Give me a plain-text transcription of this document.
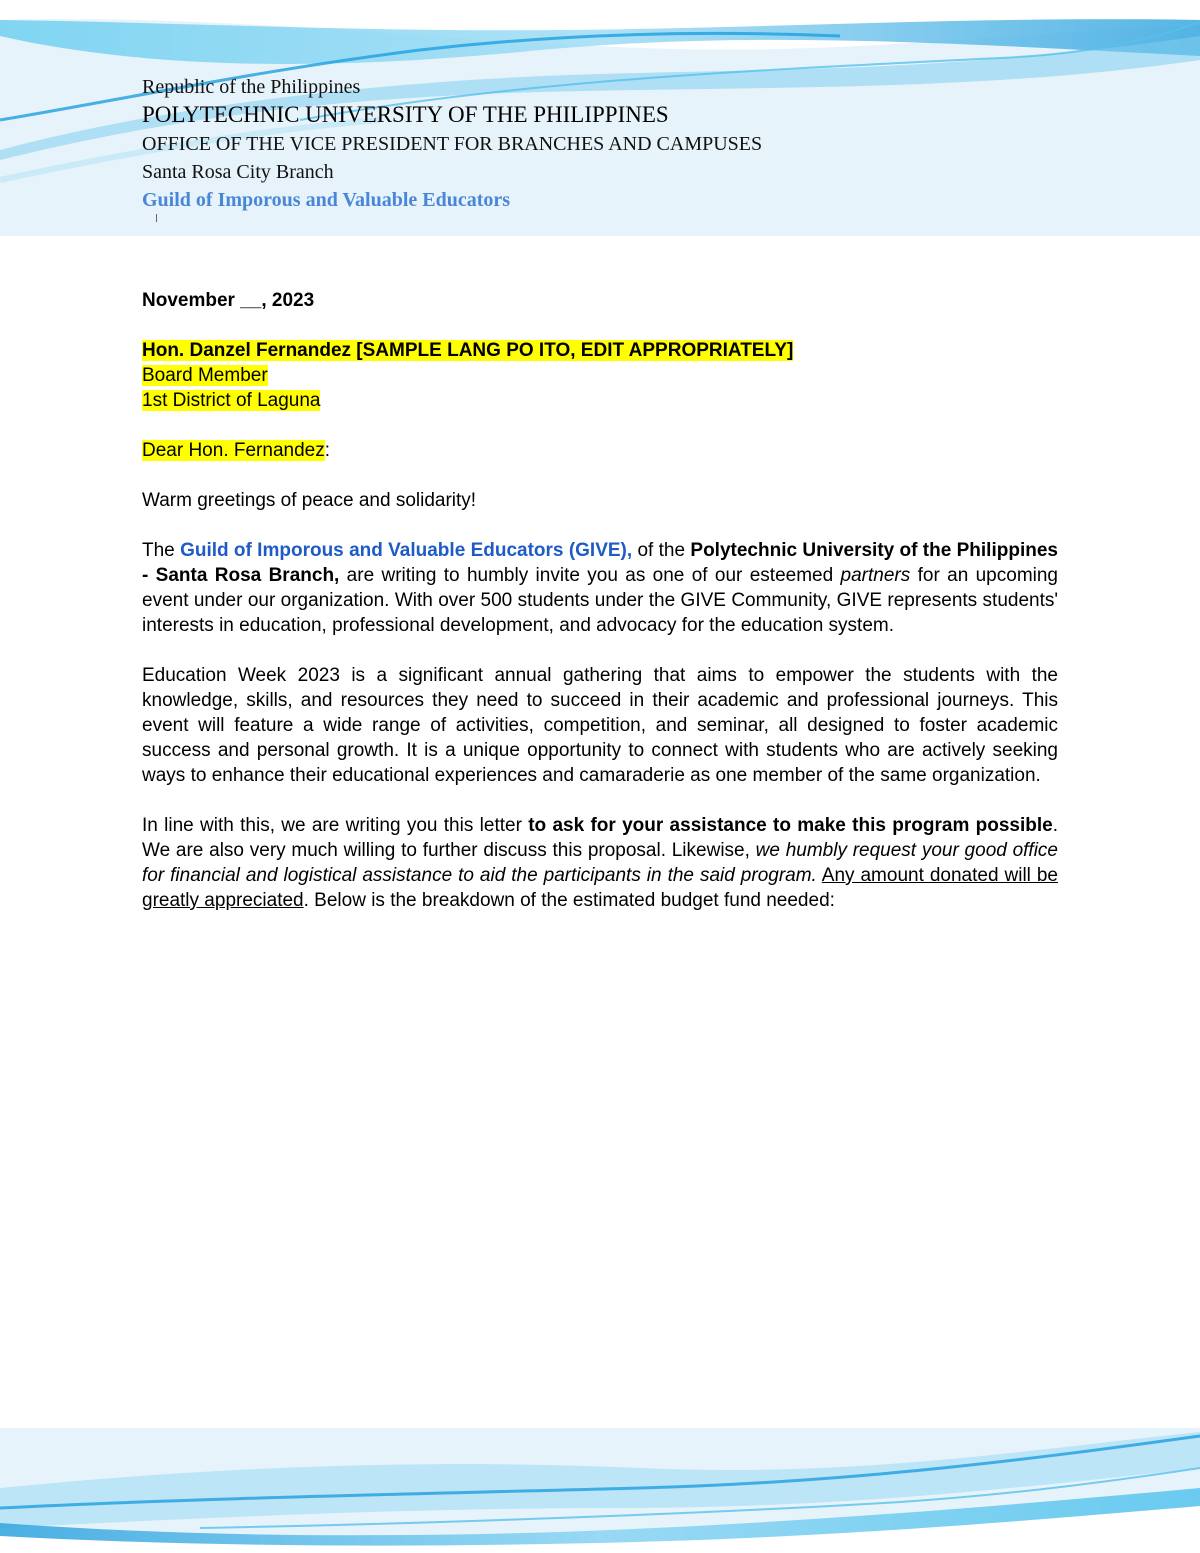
Republic of the Philippines
POLYTECHNIC UNIVERSITY OF THE PHILIPPINES
OFFICE OF THE VICE PRESIDENT FOR BRANCHES AND CAMPUSES
Santa Rosa City Branch
Guild of Imporous and Valuable Educators

November __, 2023

Hon. Danzel Fernandez [SAMPLE LANG PO ITO, EDIT APPROPRIATELY]

Board Member

1st District of Laguna

Dear Hon. Fernandez:

Warm greetings of peace and solidarity!

The Guild of Imporous and Valuable Educators (GIVE), of the Polytechnic University of the Philippines - Santa Rosa Branch, are writing to humbly invite you as one of our esteemed partners for an upcoming event under our organization. With over 500 students under the GIVE Community, GIVE represents students' interests in education, professional development, and advocacy for the education system.

Education Week 2023 is a significant annual gathering that aims to empower the students with the knowledge, skills, and resources they need to succeed in their academic and professional journeys. This event will feature a wide range of activities, competition, and seminar, all designed to foster academic success and personal growth. It is a unique opportunity to connect with students who are actively seeking ways to enhance their educational experiences and camaraderie as one member of the same organization.

In line with this, we are writing you this letter to ask for your assistance to make this program possible. We are also very much willing to further discuss this proposal. Likewise, we humbly request your good office for financial and logistical assistance to aid the participants in the said program. Any amount donated will be greatly appreciated. Below is the breakdown of the estimated budget fund needed:
